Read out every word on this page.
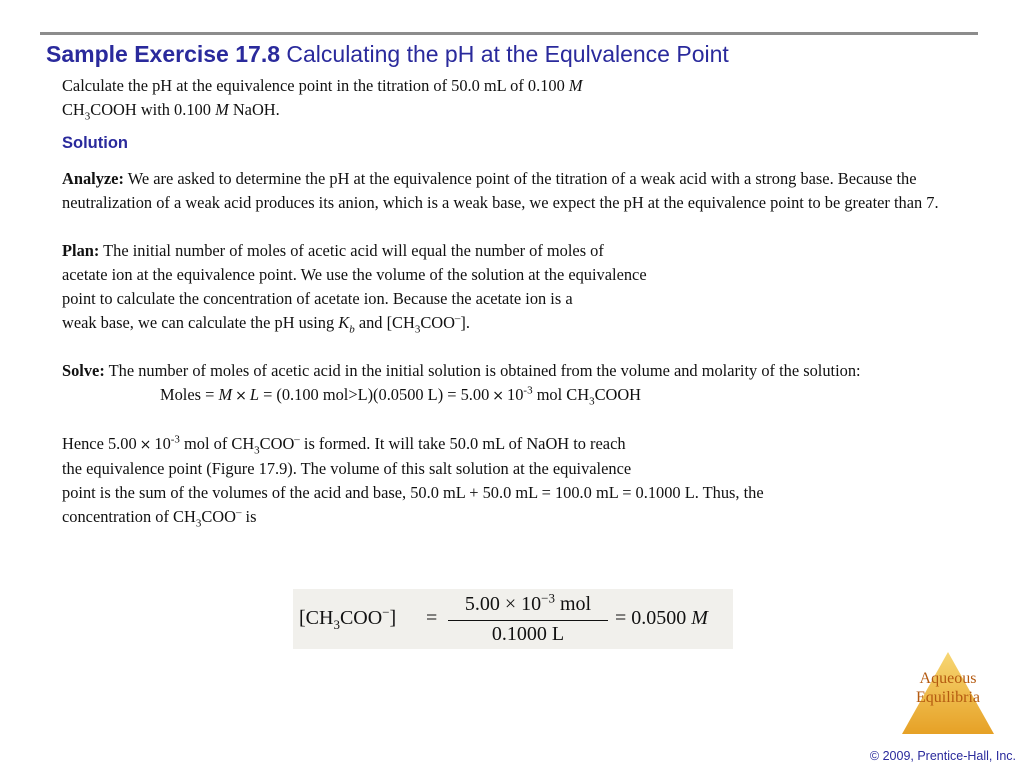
Sample Exercise 17.8 Calculating the pH at the Equlvalence Point

Calculate the pH at the equivalence point in the titration of 50.0 mL of 0.100 M
$CH_3COOH$ with 0.100 M NaOH.

Solution

Analyze: We are asked to determine the pH at the equivalence point of the titration of a weak acid with a strong base. Because the neutralization of a weak acid produces its anion, which is a weak base, we expect the pH at the equivalence point to be greater than 7.

Plan: The initial number of moles of acetic acid will equal the number of moles of
acetate ion at the equivalence point. We use the volume of the solution at the equivalence
point to calculate the concentration of acetate ion. Because the acetate ion is a
weak base, we can calculate the pH using $K_b$ and $[CH_3COO^-]$.

Solve: The number of moles of acetic acid in the initial solution is obtained from the volume and molarity of the solution:

Moles = M × L = (0.100 mol>L)(0.0500 $L) = 5.00 \times 10^{-3}$ mol $CH_3COOH$

Hence $5.00 \times 10^{-3}$ mol of $CH_3COO^-$ is formed. It will take 50.0 mL of NaOH to reach
the equivalence point (Figure 17.9). The volume of this salt solution at the equivalence
point is the sum of the volumes of the acid and base, 50.0 mL + 50.0 mL = 100.0 mL = 0.1000 L. Thus, the
concentration of $CH_3COO^-$ is

$[CH_3COO^-]$ =
$5.00 \times 10^{-3}$ mol
0.1000 L
= 0.0500 M
Aqueous
Equilibria
© 2009, Prentice-Hall, Inc.
